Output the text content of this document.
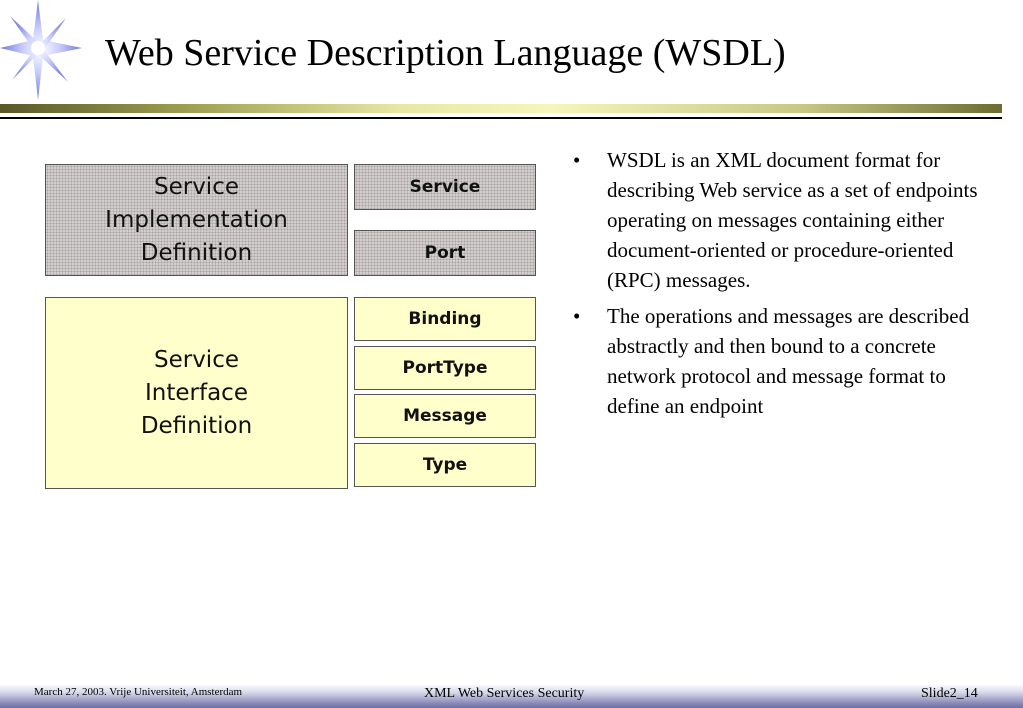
Web Service Description Language (WSDL)
Service
Implementation
Definition
Service
Port
Service
Interface
Definition
Binding
PortType
Message
Type
• WSDL is an XML document format for describing Web service as a set of endpoints operating on messages containing either document-oriented or procedure-oriented (RPC) messages.
• The operations and messages are described abstractly and then bound to a concrete network protocol and message format to define an endpoint
March 27, 2003. Vrije Universiteit, Amsterdam	XML Web Services Security	Slide2_14
